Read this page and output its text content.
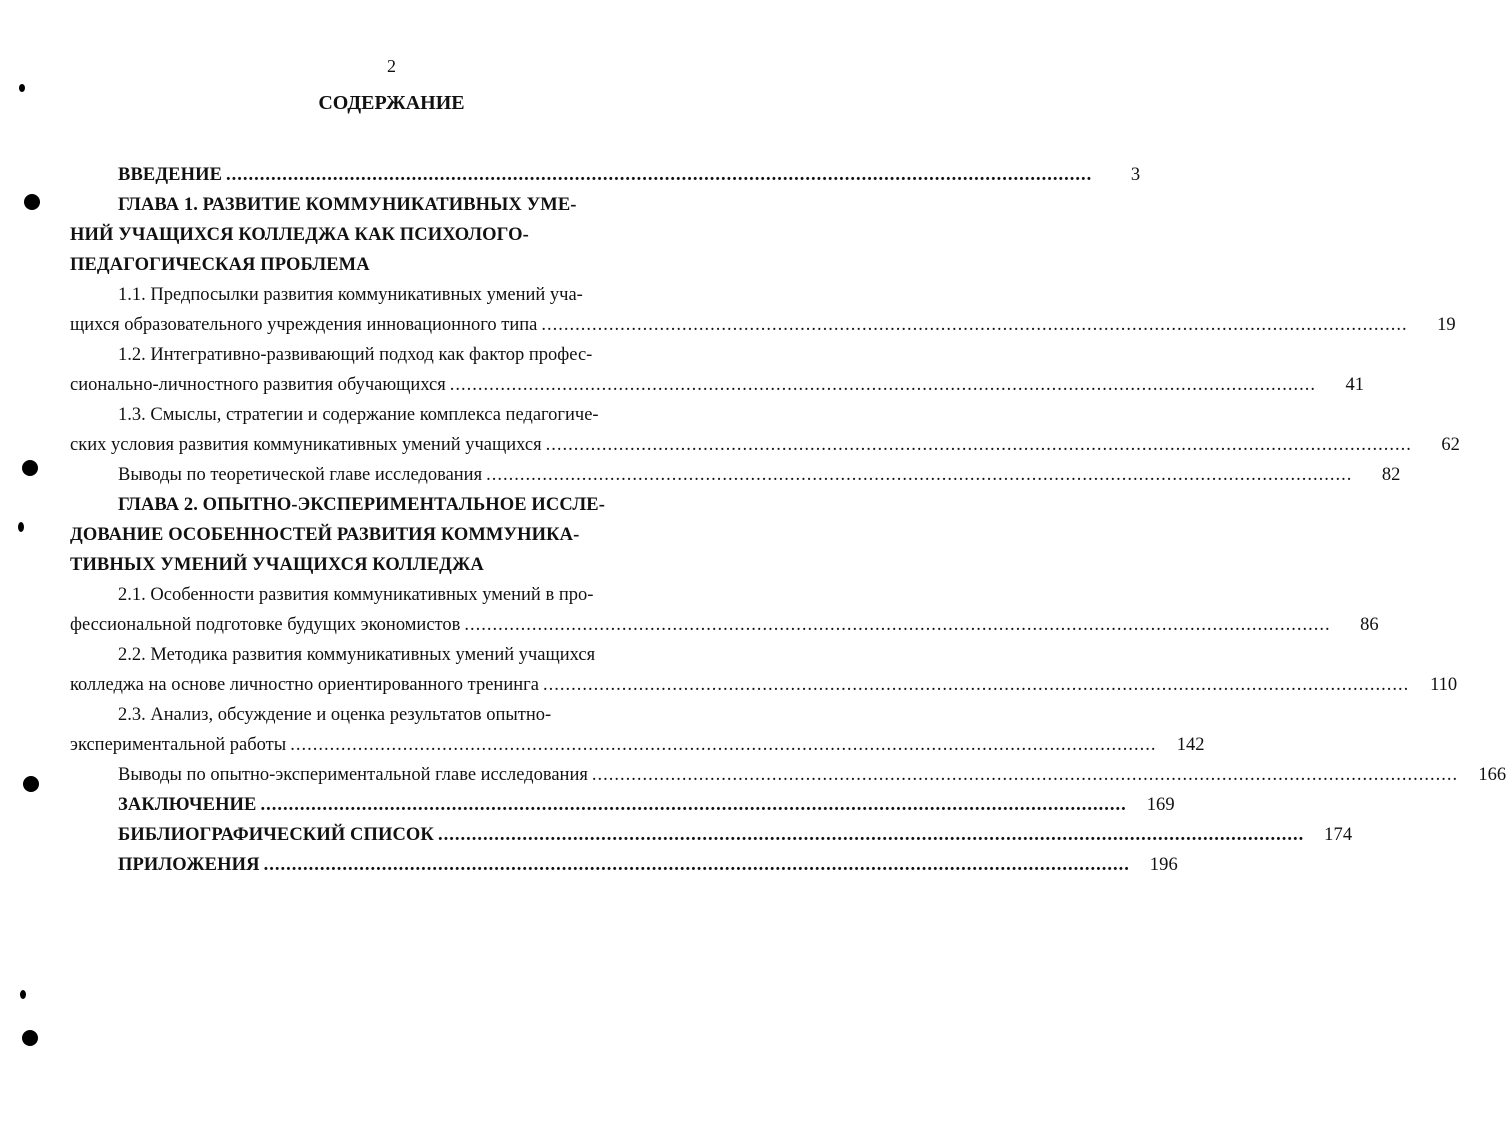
2
СОДЕРЖАНИЕ
ВВЕДЕНИЕ ..........................................................................................................................................................	3
ГЛАВА 1. РАЗВИТИЕ КОММУНИКАТИВНЫХ УМЕ-
НИЙ УЧАЩИХСЯ КОЛЛЕДЖА КАК ПСИХОЛОГО-
ПЕДАГОГИЧЕСКАЯ ПРОБЛЕМА
1.1. Предпосылки развития коммуникативных умений уча-
щихся образовательного учреждения инновационного типа ..........................................................................................................................................................	19
1.2. Интегративно-развивающий подход как фактор профес-
сионально-личностного развития обучающихся ..........................................................................................................................................................	41
1.3. Смыслы, стратегии и содержание комплекса педагогиче-
ских условия развития коммуникативных умений учащихся ..........................................................................................................................................................	62
Выводы по теоретической главе исследования ..........................................................................................................................................................	82
ГЛАВА 2. ОПЫТНО-ЭКСПЕРИМЕНТАЛЬНОЕ ИССЛЕ-
ДОВАНИЕ ОСОБЕННОСТЕЙ РАЗВИТИЯ КОММУНИКА-
ТИВНЫХ УМЕНИЙ УЧАЩИХСЯ КОЛЛЕДЖА
2.1. Особенности развития коммуникативных умений в про-
фессиональной подготовке будущих экономистов ..........................................................................................................................................................	86
2.2. Методика развития коммуникативных умений учащихся
колледжа на основе личностно ориентированного тренинга ..........................................................................................................................................................	110
2.3. Анализ, обсуждение и оценка результатов опытно-
экспериментальной работы ..........................................................................................................................................................	142
Выводы по опытно-экспериментальной главе исследования ..........................................................................................................................................................	166
ЗАКЛЮЧЕНИЕ ..........................................................................................................................................................	169
БИБЛИОГРАФИЧЕСКИЙ СПИСОК ..........................................................................................................................................................	174
ПРИЛОЖЕНИЯ ..........................................................................................................................................................	196
